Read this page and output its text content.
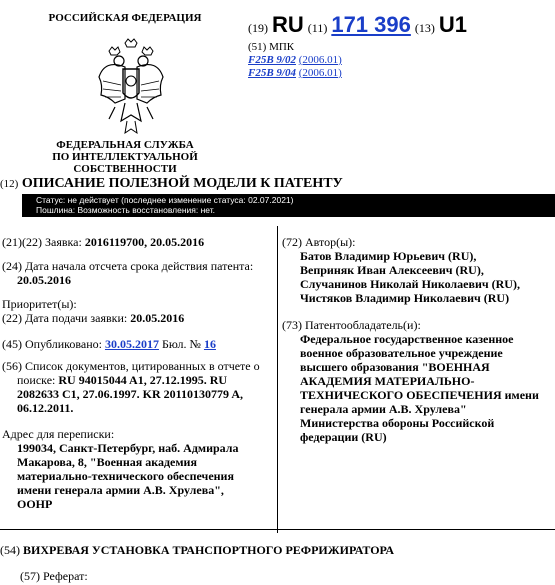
РОССИЙСКАЯ ФЕДЕРАЦИЯ
ФЕДЕРАЛЬНАЯ СЛУЖБА
ПО ИНТЕЛЛЕКТУАЛЬНОЙ СОБСТВЕННОСТИ
(19) RU (11) 171 396 (13) U1
(51) МПК
F25B 9/02 (2006.01)
F25B 9/04 (2006.01)
(12) ОПИСАНИЕ ПОЛЕЗНОЙ МОДЕЛИ К ПАТЕНТУ
Статус: не действует (последнее изменение статуса: 02.07.2021)
Пошлина: Возможность восстановления: нет.
(21)(22) Заявка: 2016119700, 20.05.2016
(24) Дата начала отсчета срока действия патента:
20.05.2016
Приоритет(ы):
(22) Дата подачи заявки: 20.05.2016
(45) Опубликовано: 30.05.2017 Бюл. № 16
(56) Список документов, цитированных в отчете о
поиске: RU 94015044 A1, 27.12.1995. RU
2082633 C1, 27.06.1997. KR 20110130779 A,
06.12.2011.
Адрес для переписки:
199034, Санкт-Петербург, наб. Адмирала
Макарова, 8, "Военная академия
материально-технического обеспечения
имени генерала армии А.В. Хрулева",
ООНР
(72) Автор(ы):
Батов Владимир Юрьевич (RU),
Веприняк Иван Алексеевич (RU),
Случанинов Николай Николаевич (RU),
Чистяков Владимир Николаевич (RU)
(73) Патентообладатель(и):
Федеральное государственное казенное
военное образовательное учреждение
высшего образования "ВОЕННАЯ
АКАДЕМИЯ МАТЕРИАЛЬНО-
ТЕХНИЧЕСКОГО ОБЕСПЕЧЕНИЯ имени
генерала армии А.В. Хрулева"
Министерства обороны Российской
федерации (RU)
(54) ВИХРЕВАЯ УСТАНОВКА ТРАНСПОРТНОГО РЕФРИЖИРАТОРА
(57) Реферат:
